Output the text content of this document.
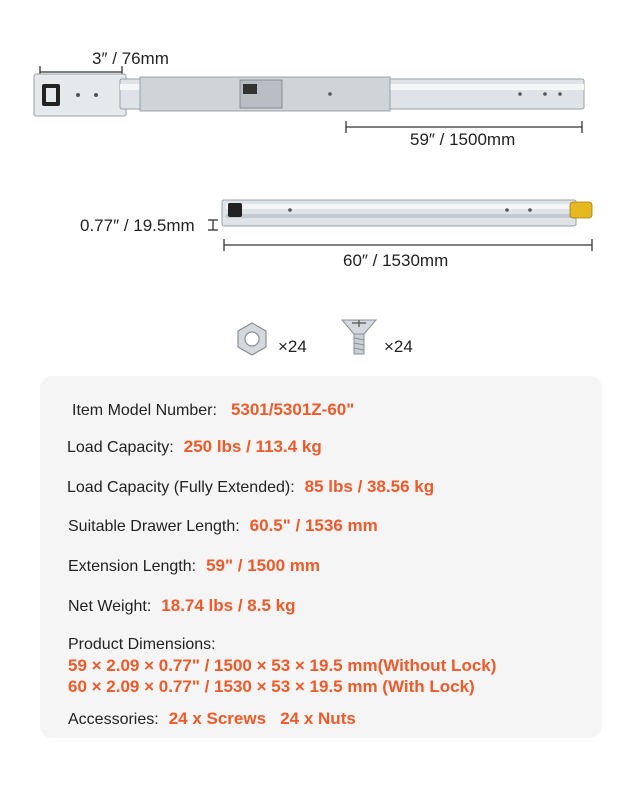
3″ / 76mm
59″ / 1500mm
0.77″ / 19.5mm
60″ / 1530mm
×24	×24
Item Model Number: 5301/5301Z-60"
Load Capacity: 250 lbs / 113.4 kg
Load Capacity (Fully Extended): 85 lbs / 38.56 kg
Suitable Drawer Length: 60.5" / 1536 mm
Extension Length: 59" / 1500 mm
Net Weight: 18.74 lbs / 8.5 kg
Product Dimensions:
59 × 2.09 × 0.77" / 1500 × 53 × 19.5 mm(Without Lock)
60 × 2.09 × 0.77" / 1530 × 53 × 19.5 mm (With Lock)
Accessories: 24 x Screws   24 x Nuts
